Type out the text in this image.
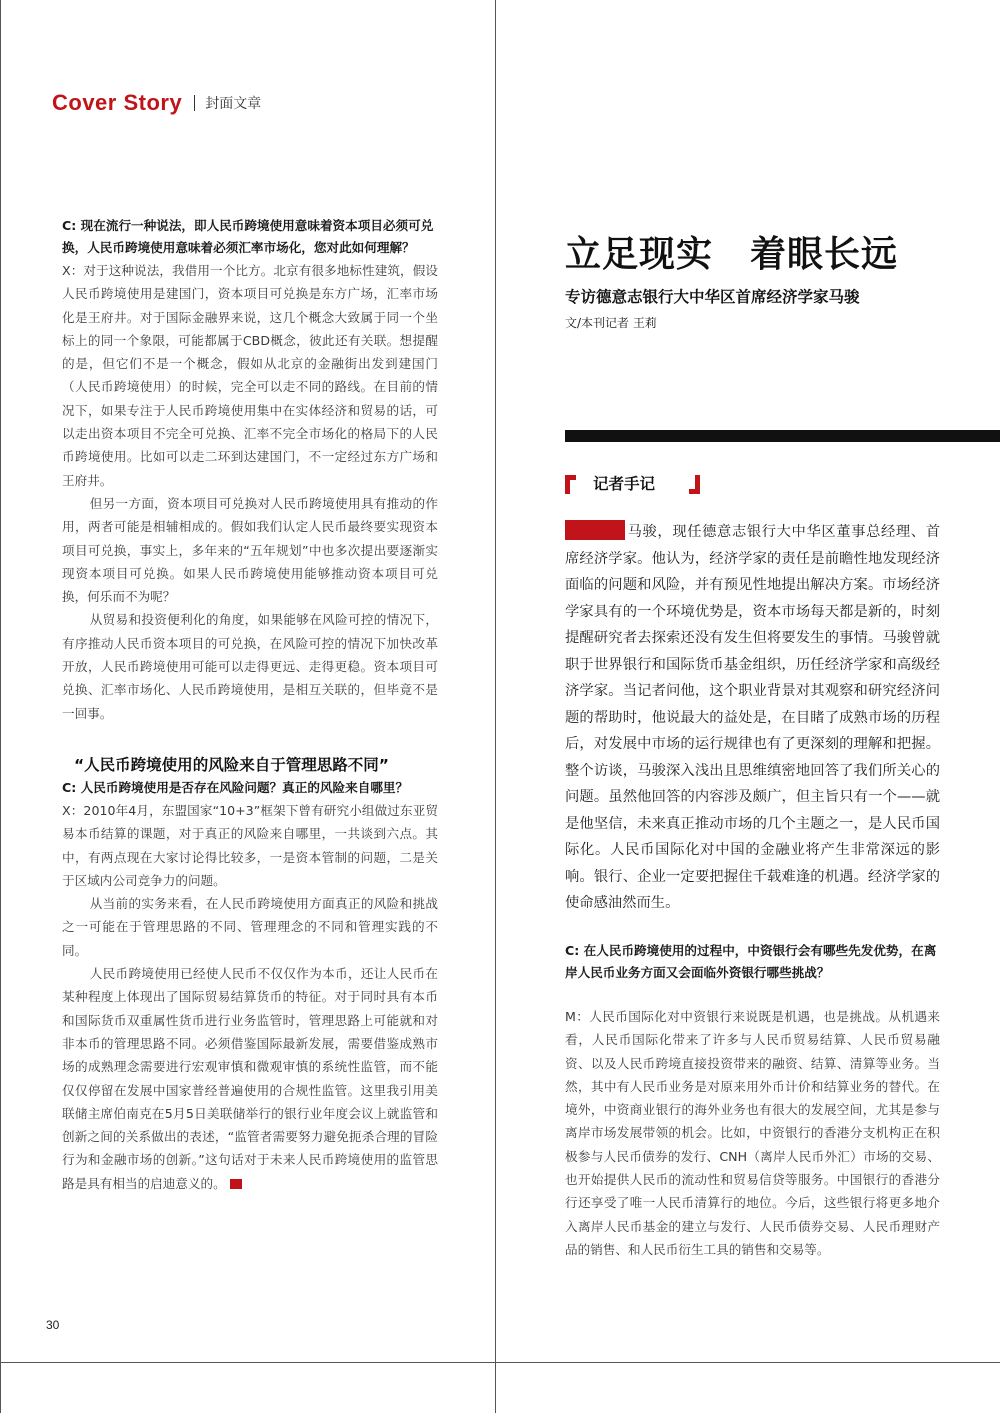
Cover Story 封面文章

C: 现在流行一种说法，即人民币跨境使用意味着资本项目必须可兑换，人民币跨境使用意味着必须汇率市场化，您对此如何理解？

X：对于这种说法，我借用一个比方。北京有很多地标性建筑，假设人民币跨境使用是建国门，资本项目可兑换是东方广场，汇率市场化是王府井。对于国际金融界来说，这几个概念大致属于同一个坐标上的同一个象限，可能都属于CBD概念，彼此还有关联。想提醒的是，但它们不是一个概念，假如从北京的金融街出发到建国门（人民币跨境使用）的时候，完全可以走不同的路线。在目前的情况下，如果专注于人民币跨境使用集中在实体经济和贸易的话，可以走出资本项目不完全可兑换、汇率不完全市场化的格局下的人民币跨境使用。比如可以走二环到达建国门，不一定经过东方广场和王府井。

但另一方面，资本项目可兑换对人民币跨境使用具有推动的作用，两者可能是相辅相成的。假如我们认定人民币最终要实现资本项目可兑换，事实上，多年来的“五年规划”中也多次提出要逐渐实现资本项目可兑换。如果人民币跨境使用能够推动资本项目可兑换，何乐而不为呢？

从贸易和投资便利化的角度，如果能够在风险可控的情况下，有序推动人民币资本项目的可兑换，在风险可控的情况下加快改革开放，人民币跨境使用可能可以走得更远、走得更稳。资本项目可兑换、汇率市场化、人民币跨境使用，是相互关联的，但毕竟不是一回事。

“人民币跨境使用的风险来自于管理思路不同”

C: 人民币跨境使用是否存在风险问题？真正的风险来自哪里？

X：2010年4月，东盟国家“10+3”框架下曾有研究小组做过东亚贸易本币结算的课题，对于真正的风险来自哪里，一共谈到六点。其中，有两点现在大家讨论得比较多，一是资本管制的问题，二是关于区域内公司竞争力的问题。

从当前的实务来看，在人民币跨境使用方面真正的风险和挑战之一可能在于管理思路的不同、管理理念的不同和管理实践的不同。

人民币跨境使用已经使人民币不仅仅作为本币，还让人民币在某种程度上体现出了国际贸易结算货币的特征。对于同时具有本币和国际货币双重属性货币进行业务监管时，管理思路上可能就和对非本币的管理思路不同。必须借鉴国际最新发展，需要借鉴成熟市场的成熟理念需要进行宏观审慎和微观审慎的系统性监管，而不能仅仅停留在发展中国家普经普遍使用的合规性监管。这里我引用美联储主席伯南克在5月5日美联储举行的银行业年度会议上就监管和创新之间的关系做出的表述，“监管者需要努力避免扼杀合理的冒险行为和金融市场的创新。”这句话对于未来人民币跨境使用的监管思路是具有相当的启迪意义的。

立足现实　着眼长远
专访德意志银行大中华区首席经济学家马骏
文/本刊记者 王莉
记者手记

马骏，现任德意志银行大中华区董事总经理、首席经济学家。他认为，经济学家的责任是前瞻性地发现经济面临的问题和风险，并有预见性地提出解决方案。市场经济学家具有的一个环境优势是，资本市场每天都是新的，时刻提醒研究者去探索还没有发生但将要发生的事情。马骏曾就职于世界银行和国际货币基金组织，历任经济学家和高级经济学家。当记者问他，这个职业背景对其观察和研究经济问题的帮助时，他说最大的益处是，在目睹了成熟市场的历程后，对发展中市场的运行规律也有了更深刻的理解和把握。整个访谈，马骏深入浅出且思维缜密地回答了我们所关心的问题。虽然他回答的内容涉及颇广，但主旨只有一个——就是他坚信，未来真正推动市场的几个主题之一，是人民币国际化。人民币国际化对中国的金融业将产生非常深远的影响。银行、企业一定要把握住千载难逢的机遇。经济学家的使命感油然而生。

C: 在人民币跨境使用的过程中，中资银行会有哪些先发优势，在离岸人民币业务方面又会面临外资银行哪些挑战？

M：人民币国际化对中资银行来说既是机遇，也是挑战。从机遇来看，人民币国际化带来了许多与人民币贸易结算、人民币贸易融资、以及人民币跨境直接投资带来的融资、结算、清算等业务。当然，其中有人民币业务是对原来用外币计价和结算业务的替代。在境外，中资商业银行的海外业务也有很大的发展空间，尤其是参与离岸市场发展带领的机会。比如，中资银行的香港分支机构正在积极参与人民币债券的发行、CNH（离岸人民币外汇）市场的交易、也开始提供人民币的流动性和贸易信贷等服务。中国银行的香港分行还享受了唯一人民币清算行的地位。今后，这些银行将更多地介入离岸人民币基金的建立与发行、人民币债券交易、人民币理财产品的销售、和人民币衍生工具的销售和交易等。

30
